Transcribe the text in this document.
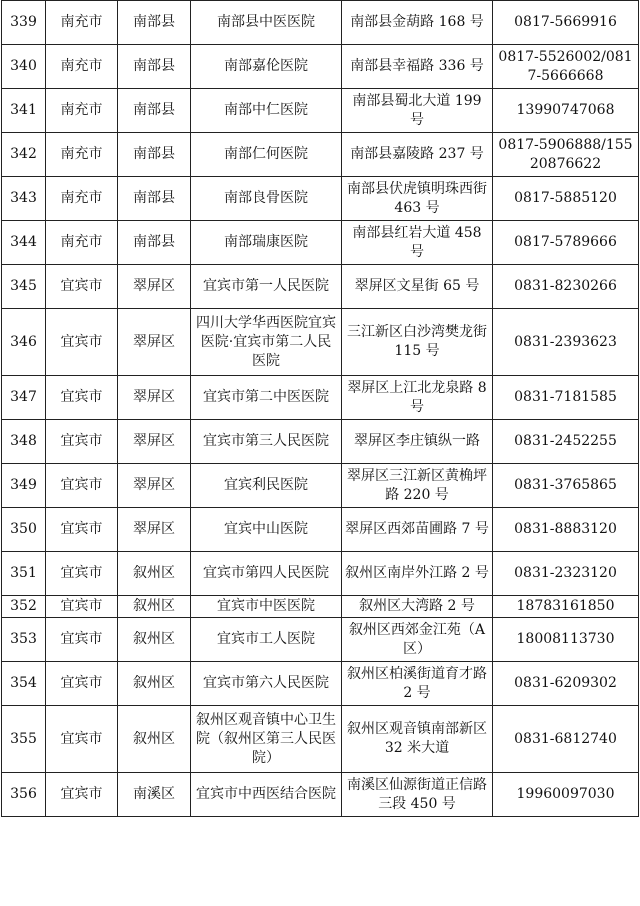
339	南充市	南部县	南部县中医医院	南部县金葫路 168 号	0817-5669916
340	南充市	南部县	南部嘉伦医院	南部县幸福路 336 号	0817-5526002/0817-5666668
341	南充市	南部县	南部中仁医院	南部县蜀北大道 199 号	13990747068
342	南充市	南部县	南部仁何医院	南部县嘉陵路 237 号	0817-5906888/15520876622
343	南充市	南部县	南部良骨医院	南部县伏虎镇明珠西街 463 号	0817-5885120
344	南充市	南部县	南部瑞康医院	南部县红岩大道 458 号	0817-5789666
345	宜宾市	翠屏区	宜宾市第一人民医院	翠屏区文星街 65 号	0831-8230266
346	宜宾市	翠屏区	四川大学华西医院宜宾医院·宜宾市第二人民医院	三江新区白沙湾樊龙街 115 号	0831-2393623
347	宜宾市	翠屏区	宜宾市第二中医医院	翠屏区上江北龙泉路 8 号	0831-7181585
348	宜宾市	翠屏区	宜宾市第三人民医院	翠屏区李庄镇纵一路	0831-2452255
349	宜宾市	翠屏区	宜宾利民医院	翠屏区三江新区黄桷坪路 220 号	0831-3765865
350	宜宾市	翠屏区	宜宾中山医院	翠屏区西郊苗圃路 7 号	0831-8883120
351	宜宾市	叙州区	宜宾市第四人民医院	叙州区南岸外江路 2 号	0831-2323120
352	宜宾市	叙州区	宜宾市中医医院	叙州区大湾路 2 号	18783161850
353	宜宾市	叙州区	宜宾市工人医院	叙州区西郊金江苑（A 区）	18008113730
354	宜宾市	叙州区	宜宾市第六人民医院	叙州区柏溪街道育才路 2 号	0831-6209302
355	宜宾市	叙州区	叙州区观音镇中心卫生院（叙州区第三人民医院）	叙州区观音镇南部新区 32 米大道	0831-6812740
356	宜宾市	南溪区	宜宾市中西医结合医院	南溪区仙源街道正信路三段 450 号	19960097030
